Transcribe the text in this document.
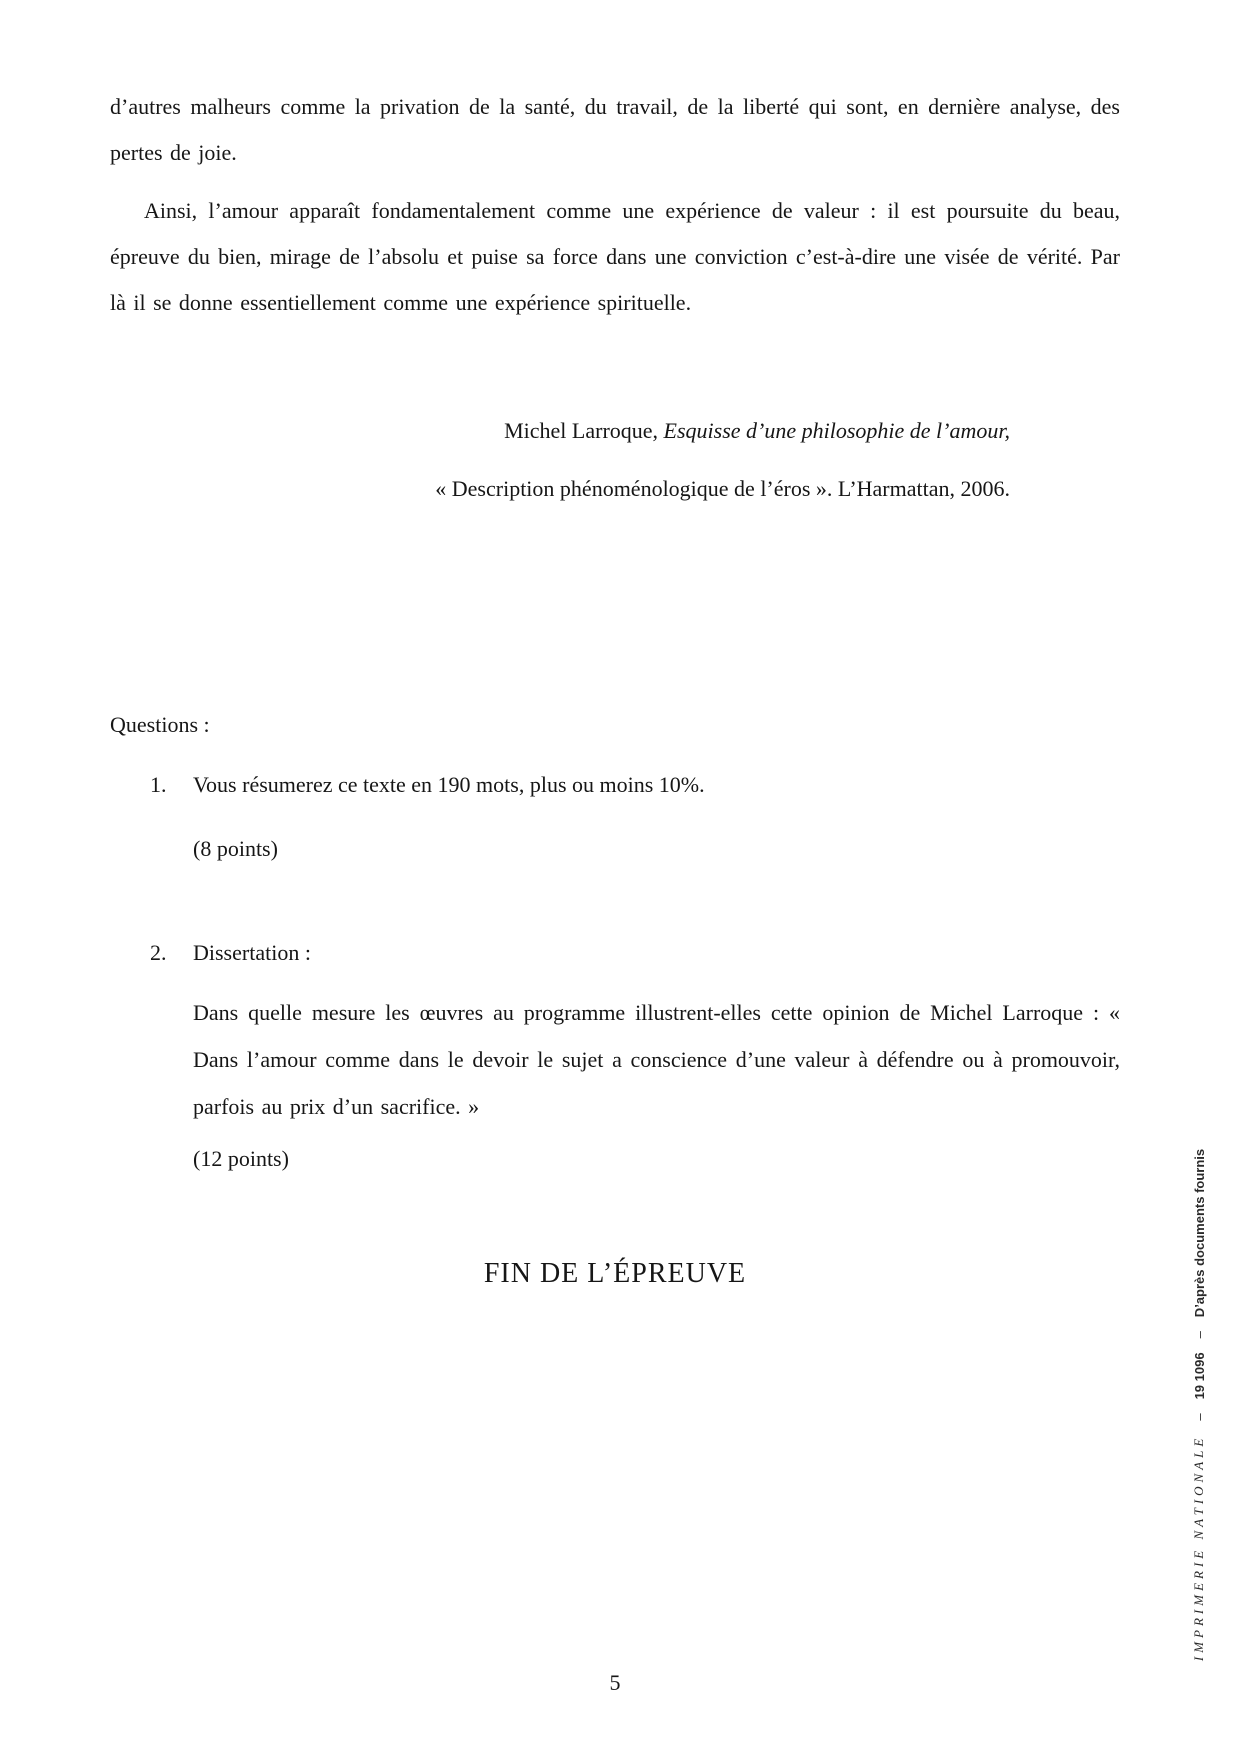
d’autres malheurs comme la privation de la santé, du travail, de la liberté qui sont, en dernière analyse, des pertes de joie.

Ainsi, l’amour apparaît fondamentalement comme une expérience de valeur : il est poursuite du beau, épreuve du bien, mirage de l’absolu et puise sa force dans une conviction c’est-à-dire une visée de vérité. Par là il se donne essentiellement comme une expérience spirituelle.

Michel Larroque, Esquisse d’une philosophie de l’amour,
« Description phénoménologique de l’éros ». L’Harmattan, 2006.
Questions :
1.	Vous résumerez ce texte en 190 mots, plus ou moins 10%.
(8 points)
2.	Dissertation :

Dans quelle mesure les œuvres au programme illustrent-elles cette opinion de Michel Larroque : « Dans l’amour comme dans le devoir le sujet a conscience d’une valeur à défendre ou à promouvoir, parfois au prix d’un sacrifice. »

(12 points)
FIN DE L’ÉPREUVE
IMPRIMERIE NATIONALE
–
19 1096
–
D’après documents fournis
5
